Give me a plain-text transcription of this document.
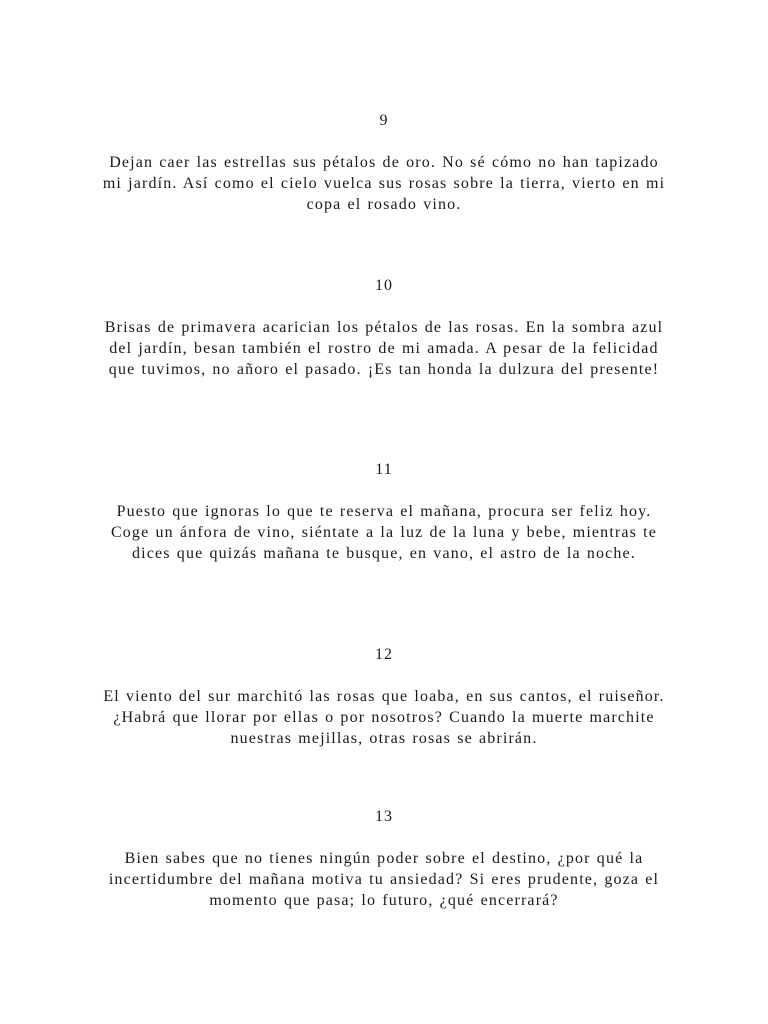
9
Dejan caer las estrellas sus pétalos de oro. No sé cómo no han tapizado mi jardín. Así como el cielo vuelca sus rosas sobre la tierra, vierto en mi copa el rosado vino.
10
Brisas de primavera acarician los pétalos de las rosas. En la sombra azul del jardín, besan también el rostro de mi amada. A pesar de la felicidad que tuvimos, no añoro el pasado. ¡Es tan honda la dulzura del presente!
11
Puesto que ignoras lo que te reserva el mañana, procura ser feliz hoy. Coge un ánfora de vino, siéntate a la luz de la luna y bebe, mientras te dices que quizás mañana te busque, en vano, el astro de la noche.
12
El viento del sur marchitó las rosas que loaba, en sus cantos, el ruiseñor. ¿Habrá que llorar por ellas o por nosotros? Cuando la muerte marchite nuestras mejillas, otras rosas se abrirán.
13
Bien sabes que no tienes ningún poder sobre el destino, ¿por qué la incertidumbre del mañana motiva tu ansiedad? Si eres prudente, goza el momento que pasa; lo futuro, ¿qué encerrará?
